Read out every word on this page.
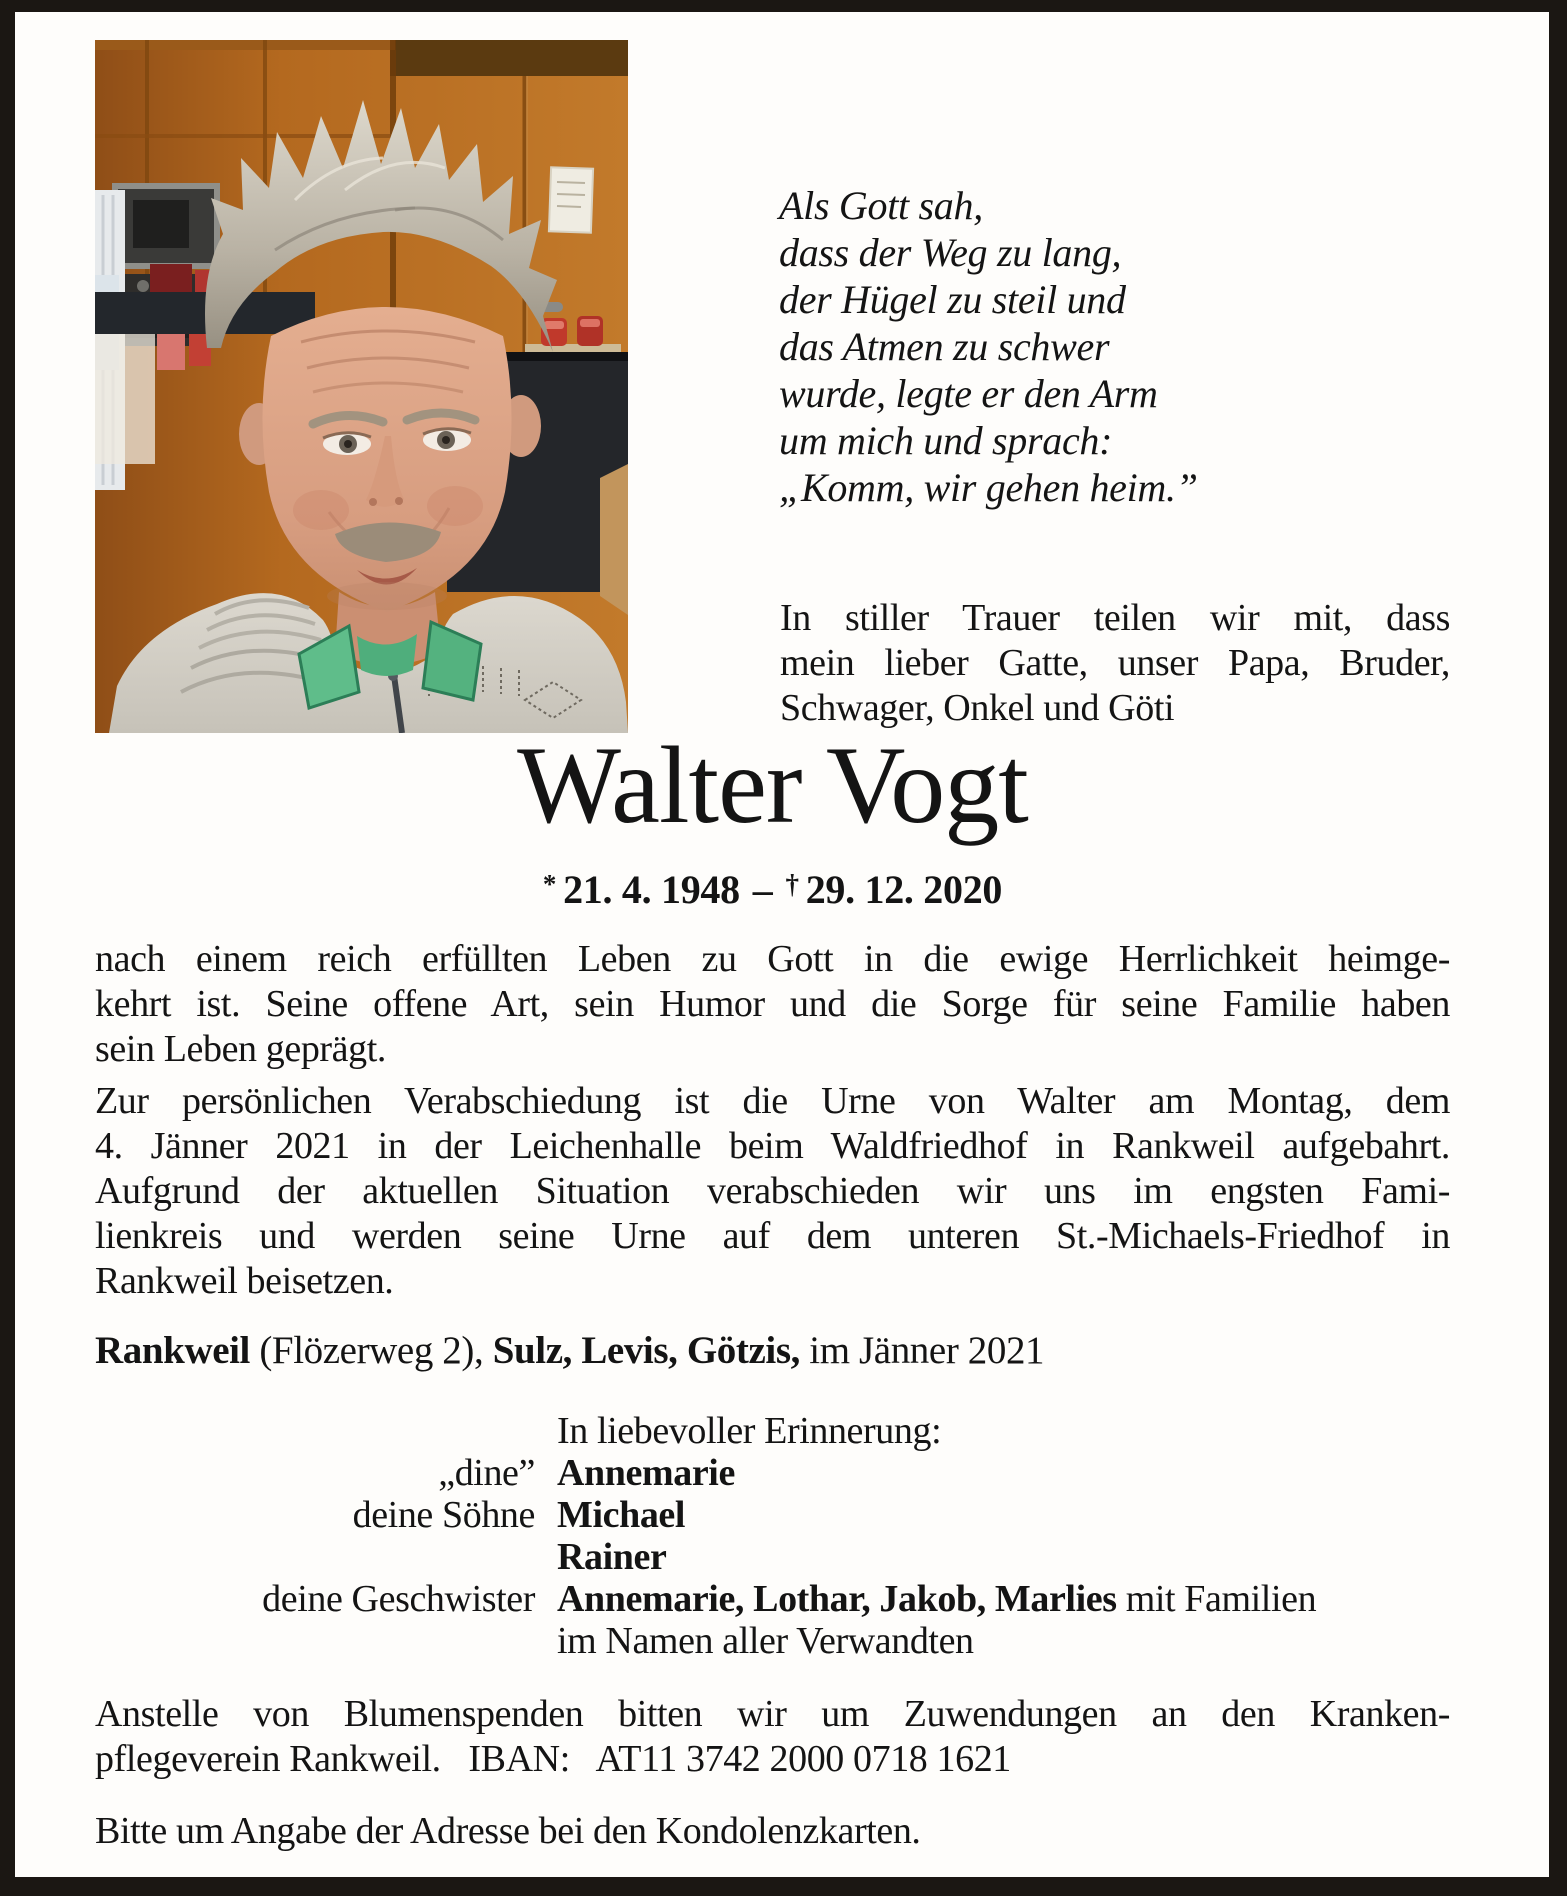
Als Gott sah,
dass der Weg zu lang,
der Hügel zu steil und
das Atmen zu schwer
wurde, legte er den Arm
um mich und sprach:
„Komm, wir gehen heim.”
In stiller Trauer teilen wir mit, dass
mein lieber Gatte, unser Papa, Bruder,
Schwager, Onkel und Göti
Walter Vogt
* 21. 4. 1948 – † 29. 12. 2020
nach einem reich erfüllten Leben zu Gott in die ewige Herrlichkeit heimge-
kehrt ist. Seine offene Art, sein Humor und die Sorge für seine Familie haben
sein Leben geprägt.
Zur persönlichen Verabschiedung ist die Urne von Walter am Montag, dem
4. Jänner 2021 in der Leichenhalle beim Waldfriedhof in Rankweil aufgebahrt.
Aufgrund der aktuellen Situation verabschieden wir uns im engsten Fami-
lienkreis und werden seine Urne auf dem unteren St.-Michaels-Friedhof in
Rankweil beisetzen.
Rankweil (Flözerweg 2), Sulz, Levis, Götzis, im Jänner 2021
In liebevoller Erinnerung:
„dine” Annemarie
deine Söhne Michael
Rainer
deine Geschwister Annemarie, Lothar, Jakob, Marlies mit Familien
im Namen aller Verwandten
Anstelle von Blumenspenden bitten wir um Zuwendungen an den Kranken-
pflegeverein Rankweil.  IBAN:  AT11 3742 2000 0718 1621
Bitte um Angabe der Adresse bei den Kondolenzkarten.
